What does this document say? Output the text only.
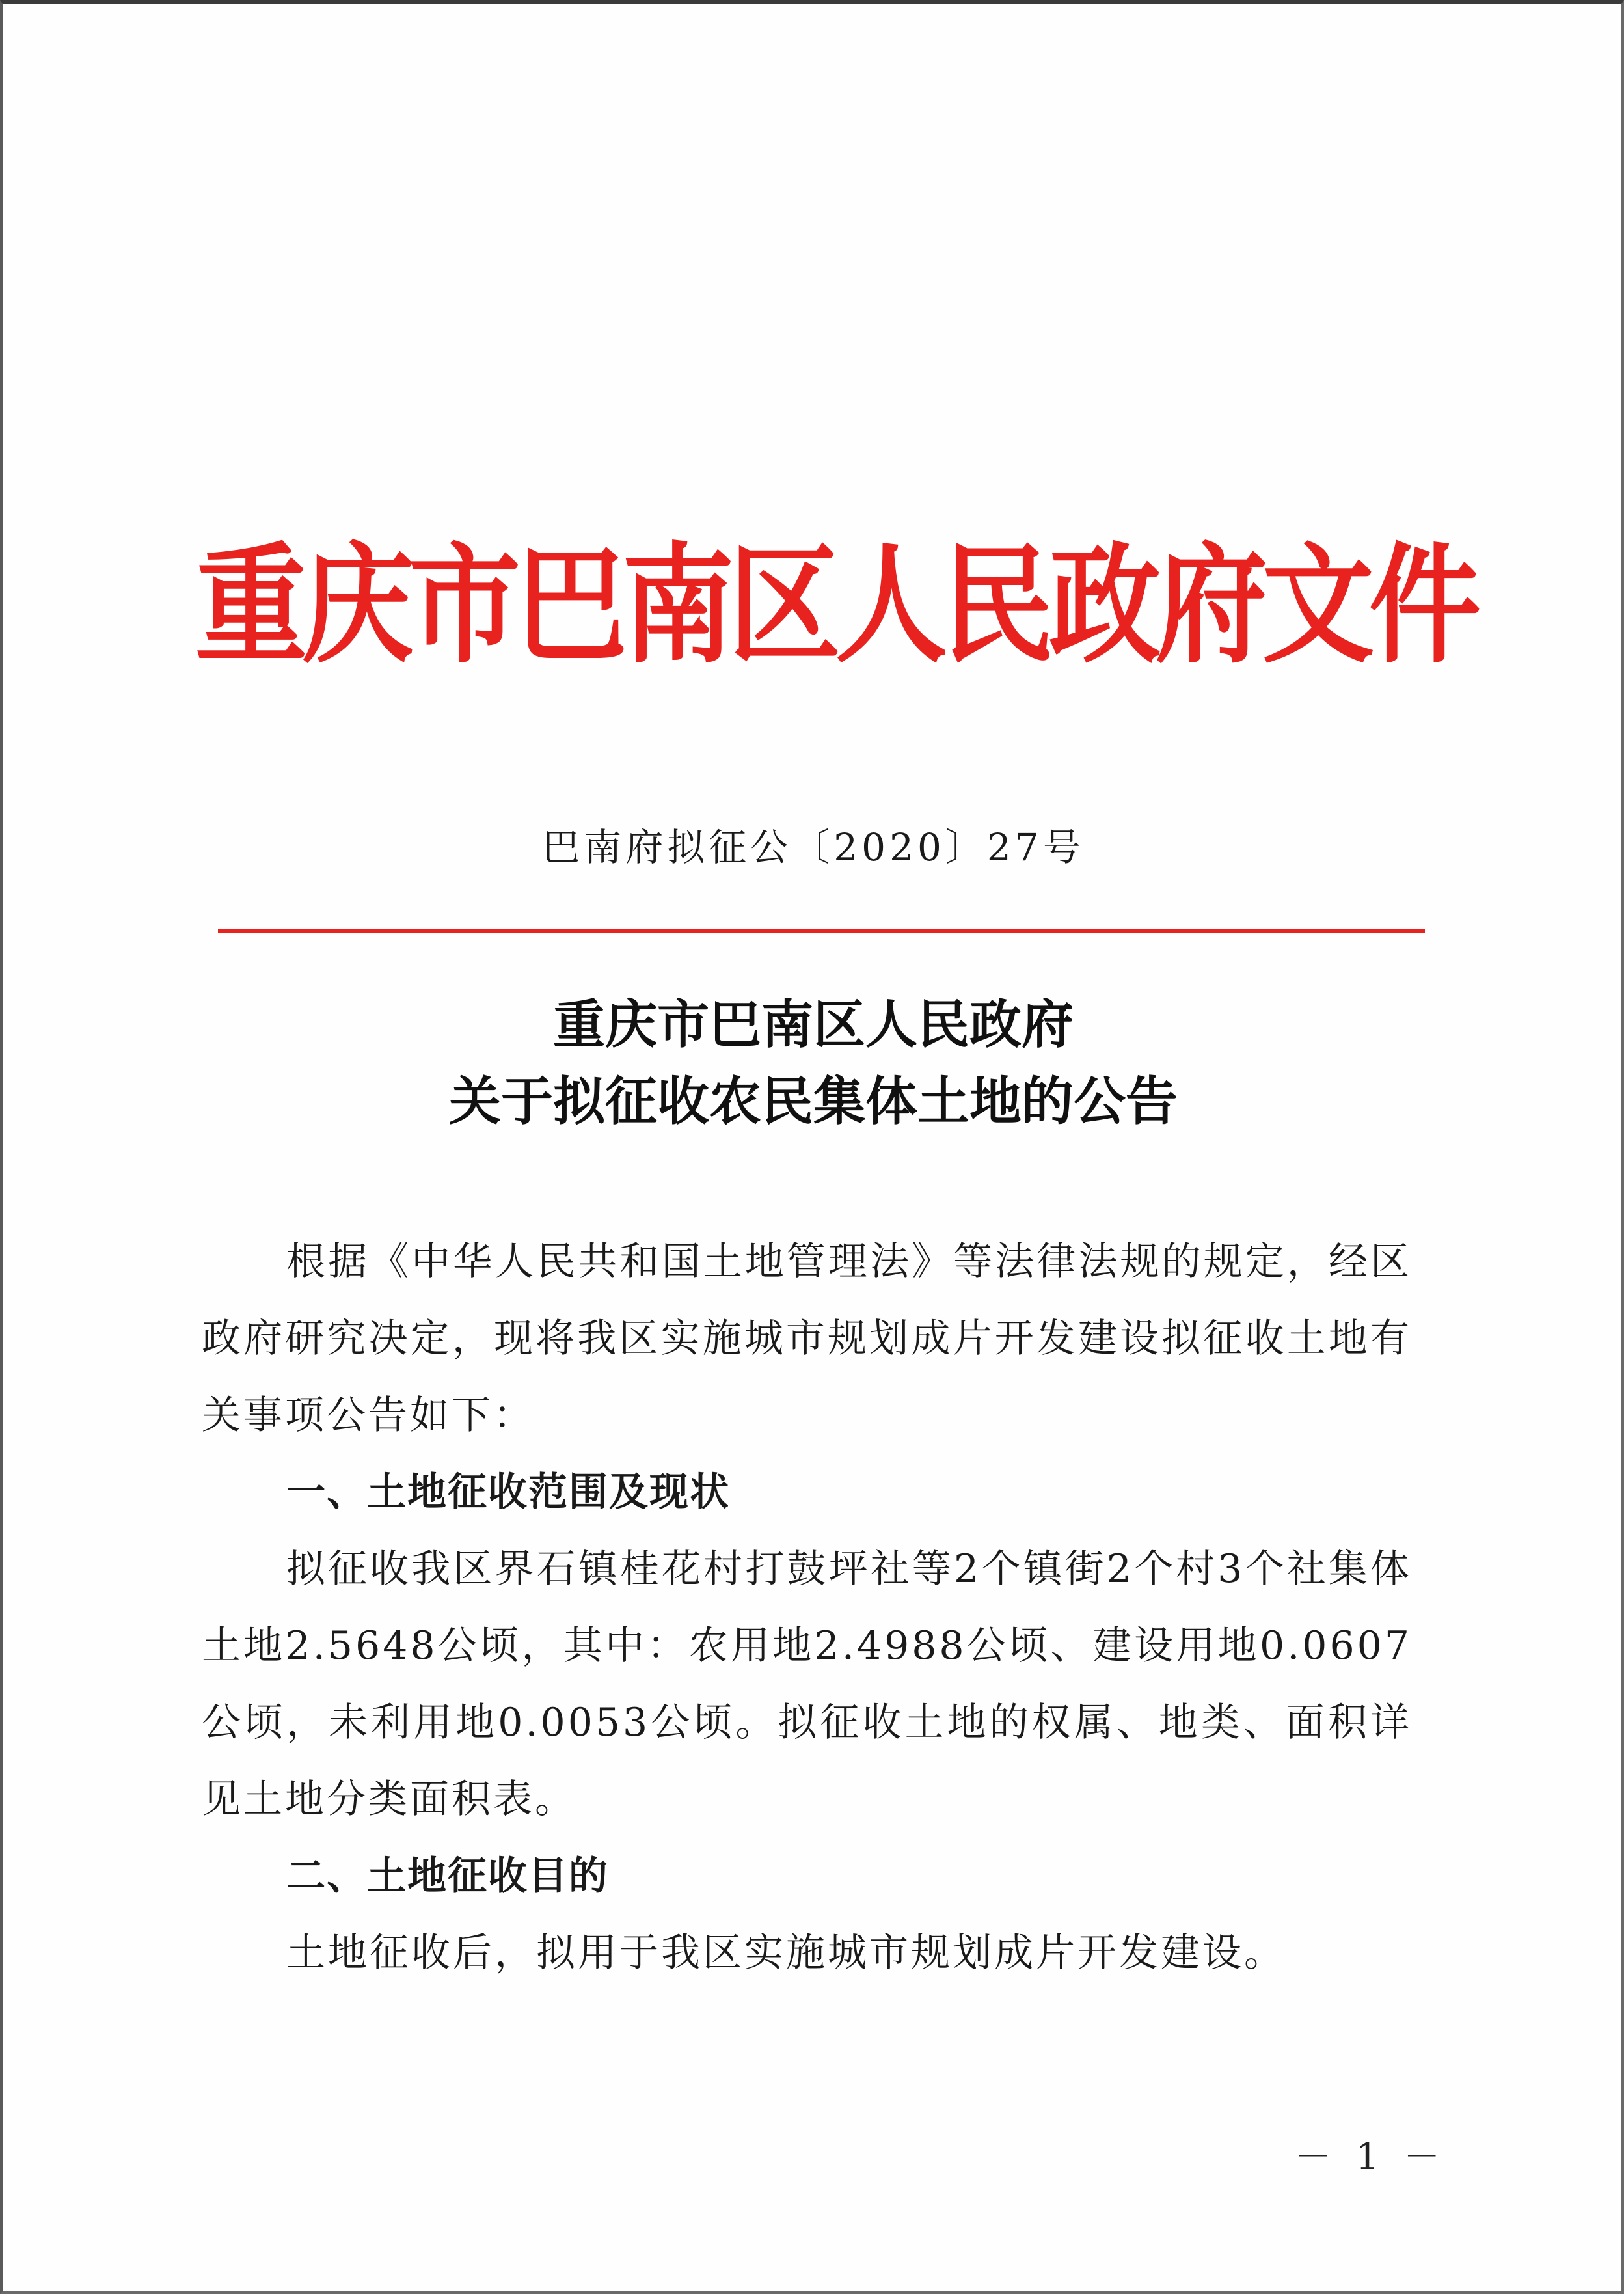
重庆市巴南区人民政府文件
巴南府拟征公〔2020〕27号
重庆市巴南区人民政府
关于拟征收农民集体土地的公告

根据《中华人民共和国土地管理法》等法律法规的规定，经区政府研究决定，现将我区实施城市规划成片开发建设拟征收土地有关事项公告如下：

一、土地征收范围及现状

拟征收我区界石镇桂花村打鼓坪社等2个镇街2个村3个社集体土地2.5648公顷，其中：农用地2.4988公顷、建设用地0.0607公顷，未利用地0.0053公顷。拟征收土地的权属、地类、面积详见土地分类面积表。

二、土地征收目的

土地征收后，拟用于我区实施城市规划成片开发建设。

－ 1 －
